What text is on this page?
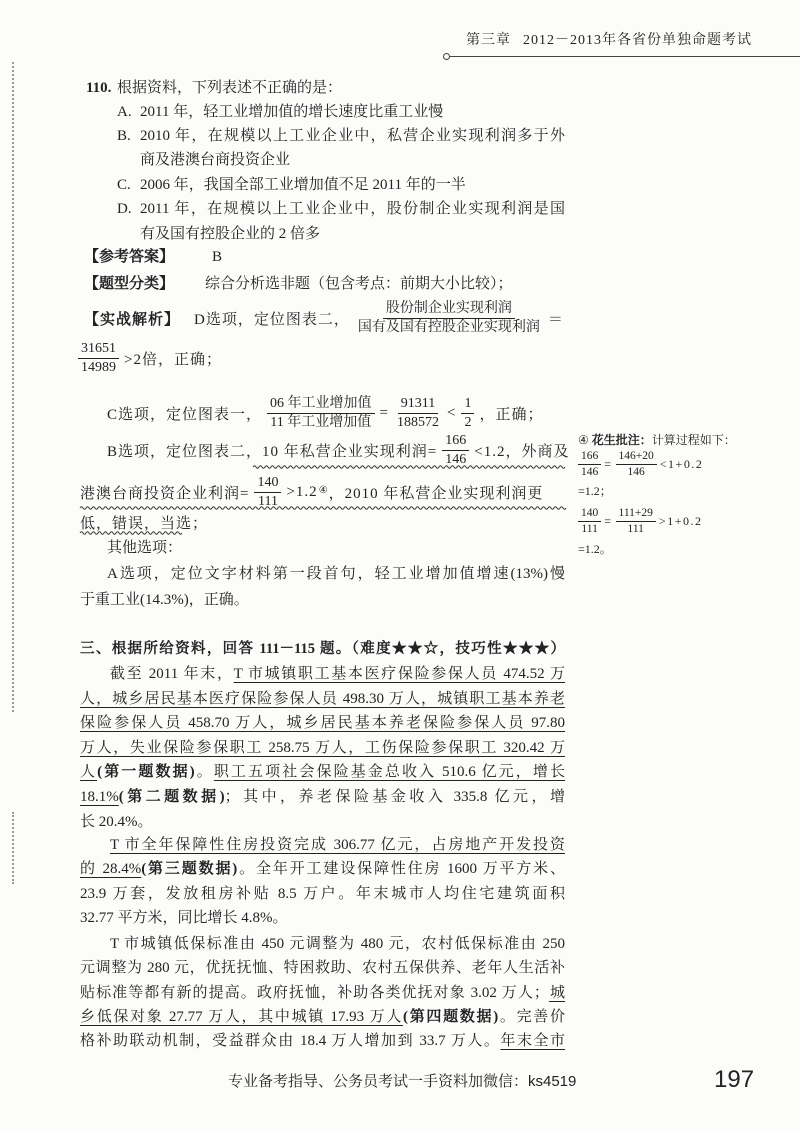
第三章 2012－2013年各省份单独命题考试
110. 根据资料，下列表述不正确的是：
A. 2011 年，轻工业增加值的增长速度比重工业慢
B. 2010 年，在规模以上工业企业中，私营企业实现利润多于外
商及港澳台商投资企业
C. 2006 年，我国全部工业增加值不足 2011 年的一半
D. 2011 年，在规模以上工业企业中，股份制企业实现利润是国
有及国有控股企业的 2 倍多
【参考答案】	B
【题型分类】 综合分析选非题（包含考点：前期大小比较）；
【实战解析】 D选项，定位图表二， $\frac{\text{股份制企业实现利润}}{\text{国有及国有控股企业实现利润}}$ ＝
$\frac{31651}{14989} >2$倍，正确；
C选项，定位图表一， $\frac{\text{06 年工业增加值}}{\text{11 年工业增加值}} = \frac{91311}{188572} < \frac{1}{2}$ ，正确；
B选项，定位图表二， 10 年私营企业实现利润= $\frac{166}{146} <1.2$，外商及
港澳台商投资企业利润= $\frac{140}{111} >1.2^④$ ，2010 年私营企业实现利润更
低，错误，当选；
其他选项：
A选项，定位文字材料第一段首句，轻工业增加值增速(13%)慢
于重工业(14.3%)，正确。
④ 花生批注：计算过程如下：
$\frac{166}{146} = \frac{146+20}{146} <1+0.2$
=1.2；
$\frac{140}{111} = \frac{111+29}{111} >1+0.2$
=1.2。
三、根据所给资料，回答 111－115 题。（难度★★☆，技巧性★★★）
截至 2011 年末，T 市城镇职工基本医疗保险参保人员 474.52 万
人，城乡居民基本医疗保险参保人员 498.30 万人，城镇职工基本养老
保险参保人员 458.70 万人，城乡居民基本养老保险参保人员 97.80
万人，失业保险参保职工 258.75 万人，工伤保险参保职工 320.42 万
人(第一题数据)。职工五项社会保险基金总收入 510.6 亿元，增长
18.1%(第二题数据)；其中，养老保险基金收入 335.8 亿元，增
长 20.4%。
T 市全年保障性住房投资完成 306.77 亿元，占房地产开发投资
的 28.4%(第三题数据)。全年开工建设保障性住房 1600 万平方米、
23.9 万套，发放租房补贴 8.5 万户。年末城市人均住宅建筑面积
32.77 平方米，同比增长 4.8%。
T 市城镇低保标准由 450 元调整为 480 元，农村低保标准由 250
元调整为 280 元，优抚抚恤、特困救助、农村五保供养、老年人生活补
贴标准等都有新的提高。政府抚恤，补助各类优抚对象 3.02 万人；城
乡低保对象 27.77 万人，其中城镇 17.93 万人(第四题数据)。完善价
格补助联动机制，受益群众由 18.4 万人增加到 33.7 万人。年末全市
专业备考指导、公务员考试一手资料加微信：ks4519	197
